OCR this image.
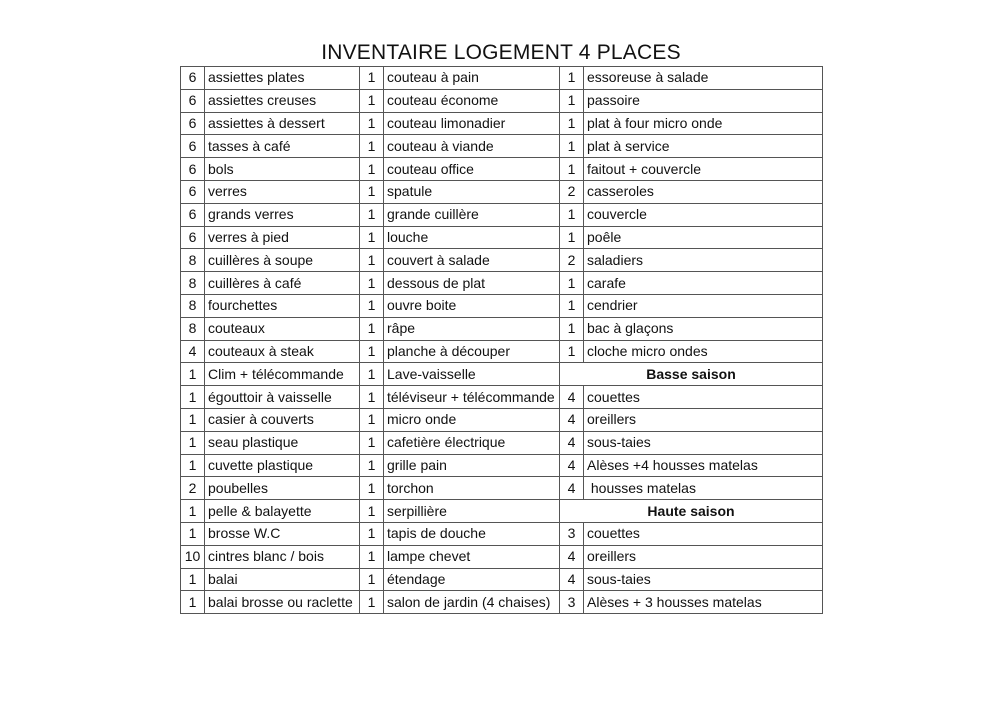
INVENTAIRE LOGEMENT 4 PLACES
6	assiettes plates	1	couteau à pain	1	essoreuse à salade
6	assiettes creuses	1	couteau économe	1	passoire
6	assiettes à dessert	1	couteau limonadier	1	plat à four micro onde
6	tasses à café	1	couteau à viande	1	plat à service
6	bols	1	couteau office	1	faitout + couvercle
6	verres	1	spatule	2	casseroles
6	grands verres	1	grande cuillère	1	couvercle
6	verres à pied	1	louche	1	poêle
8	cuillères à soupe	1	couvert à salade	2	saladiers
8	cuillères à café	1	dessous de plat	1	carafe
8	fourchettes	1	ouvre boite	1	cendrier
8	couteaux	1	râpe	1	bac à glaçons
4	couteaux à steak	1	planche à découper	1	cloche micro ondes
1	Clim + télécommande	1	Lave-vaisselle	Basse saison	
1	égouttoir à vaisselle	1	téléviseur + télécommande	4	couettes
1	casier à couverts	1	micro onde	4	oreillers
1	seau plastique	1	cafetière électrique	4	sous-taies
1	cuvette plastique	1	grille pain	4	Alèses +4 housses matelas
2	poubelles	1	torchon	4	housses matelas
1	pelle & balayette	1	serpillière	Haute saison	
1	brosse W.C	1	tapis de douche	3	couettes
10	cintres blanc / bois	1	lampe chevet	4	oreillers
1	balai	1	étendage	4	sous-taies
1	balai brosse ou raclette	1	salon de jardin (4 chaises)	3	Alèses + 3 housses matelas
